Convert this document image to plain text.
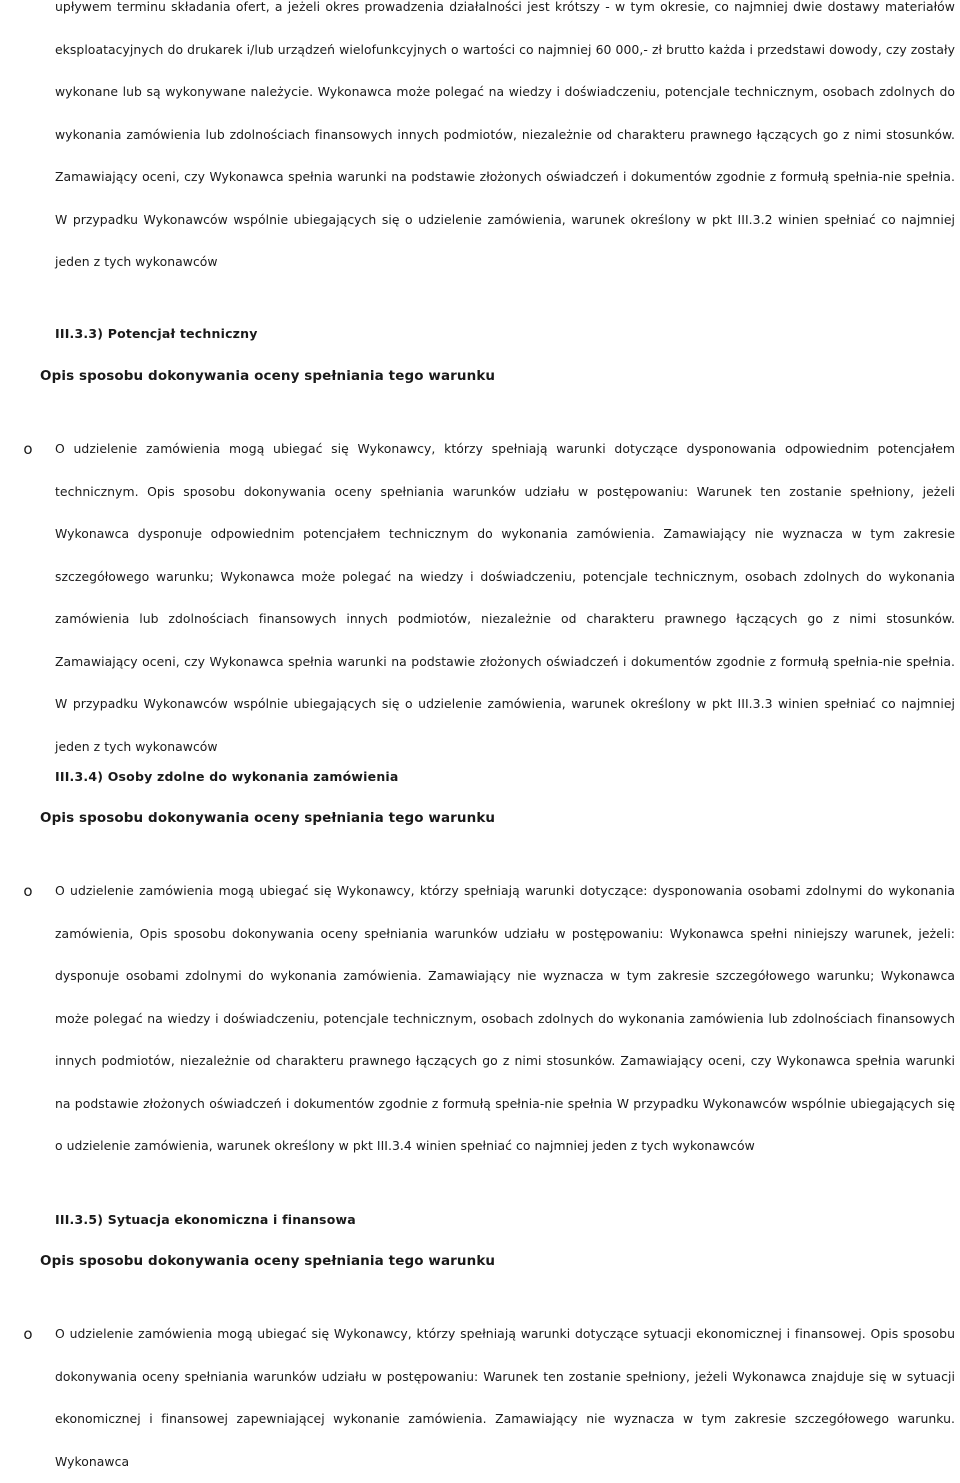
upływem terminu składania ofert, a jeżeli okres prowadzenia działalności jest krótszy - w tym okresie, co najmniej dwie dostawy materiałów eksploatacyjnych do drukarek i/lub urządzeń wielofunkcyjnych o wartości co najmniej 60 000,- zł brutto każda i przedstawi dowody, czy zostały wykonane lub są wykonywane należycie. Wykonawca może polegać na wiedzy i doświadczeniu, potencjale technicznym, osobach zdolnych do wykonania zamówienia lub zdolnościach finansowych innych podmiotów, niezależnie od charakteru prawnego łączących go z nimi stosunków. Zamawiający oceni, czy Wykonawca spełnia warunki na podstawie złożonych oświadczeń i dokumentów zgodnie z formułą spełnia-nie spełnia. W przypadku Wykonawców wspólnie ubiegających się o udzielenie zamówienia, warunek określony w pkt III.3.2 winien spełniać co najmniej jeden z tych wykonawców
III.3.3) Potencjał techniczny
Opis sposobu dokonywania oceny spełniania tego warunku
o	O udzielenie zamówienia mogą ubiegać się Wykonawcy, którzy spełniają warunki dotyczące dysponowania odpowiednim potencjałem technicznym. Opis sposobu dokonywania oceny spełniania warunków udziału w postępowaniu: Warunek ten zostanie spełniony, jeżeli Wykonawca dysponuje odpowiednim potencjałem technicznym do wykonania zamówienia. Zamawiający nie wyznacza w tym zakresie szczegółowego warunku; Wykonawca może polegać na wiedzy i doświadczeniu, potencjale technicznym, osobach zdolnych do wykonania zamówienia lub zdolnościach finansowych innych podmiotów, niezależnie od charakteru prawnego łączących go z nimi stosunków. Zamawiający oceni, czy Wykonawca spełnia warunki na podstawie złożonych oświadczeń i dokumentów zgodnie z formułą spełnia-nie spełnia. W przypadku Wykonawców wspólnie ubiegających się o udzielenie zamówienia, warunek określony w pkt III.3.3 winien spełniać co najmniej jeden z tych wykonawców
III.3.4) Osoby zdolne do wykonania zamówienia
Opis sposobu dokonywania oceny spełniania tego warunku
o	O udzielenie zamówienia mogą ubiegać się Wykonawcy, którzy spełniają warunki dotyczące: dysponowania osobami zdolnymi do wykonania zamówienia, Opis sposobu dokonywania oceny spełniania warunków udziału w postępowaniu: Wykonawca spełni niniejszy warunek, jeżeli: dysponuje osobami zdolnymi do wykonania zamówienia. Zamawiający nie wyznacza w tym zakresie szczegółowego warunku; Wykonawca może polegać na wiedzy i doświadczeniu, potencjale technicznym, osobach zdolnych do wykonania zamówienia lub zdolnościach finansowych innych podmiotów, niezależnie od charakteru prawnego łączących go z nimi stosunków. Zamawiający oceni, czy Wykonawca spełnia warunki na podstawie złożonych oświadczeń i dokumentów zgodnie z formułą spełnia-nie spełnia W przypadku Wykonawców wspólnie ubiegających się o udzielenie zamówienia, warunek określony w pkt III.3.4 winien spełniać co najmniej jeden z tych wykonawców
III.3.5) Sytuacja ekonomiczna i finansowa
Opis sposobu dokonywania oceny spełniania tego warunku
o	O udzielenie zamówienia mogą ubiegać się Wykonawcy, którzy spełniają warunki dotyczące sytuacji ekonomicznej i finansowej. Opis sposobu dokonywania oceny spełniania warunków udziału w postępowaniu: Warunek ten zostanie spełniony, jeżeli Wykonawca znajduje się w sytuacji ekonomicznej i finansowej zapewniającej wykonanie zamówienia. Zamawiający nie wyznacza w tym zakresie szczegółowego warunku. Wykonawca
